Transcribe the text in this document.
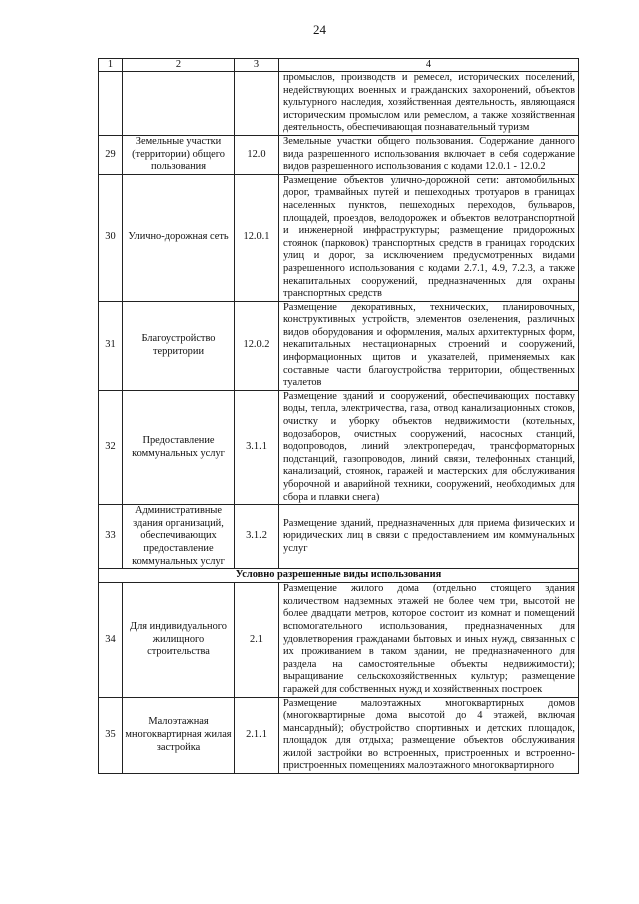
24
1	2	3	4
			промыслов, производств и ремесел, исторических поселений, недействующих военных и гражданских захоронений, объектов культурного наследия, хозяйственная деятельность, являющаяся историческим промыслом или ремеслом, а также хозяйственная деятельность, обеспечивающая познавательный туризм
29	Земельные участки (территории) общего пользования	12.0	Земельные участки общего пользования. Содержание данного вида разрешенного использования включает в себя содержание видов разрешенного использования с кодами 12.0.1 - 12.0.2
30	Улично-дорожная сеть	12.0.1	Размещение объектов улично-дорожной сети: автомобильных дорог, трамвайных путей и пешеходных тротуаров в границах населенных пунктов, пешеходных переходов, бульваров, площадей, проездов, велодорожек и объектов велотранспортной и инженерной инфраструктуры; размещение придорожных стоянок (парковок) транспортных средств в границах городских улиц и дорог, за исключением предусмотренных видами разрешенного использования с кодами 2.7.1, 4.9, 7.2.3, а также некапитальных сооружений, предназначенных для охраны транспортных средств
31	Благоустройство территории	12.0.2	Размещение декоративных, технических, планировочных, конструктивных устройств, элементов озеленения, различных видов оборудования и оформления, малых архитектурных форм, некапитальных нестационарных строений и сооружений, информационных щитов и указателей, применяемых как составные части благоустройства территории, общественных туалетов
32	Предоставление коммунальных услуг	3.1.1	Размещение зданий и сооружений, обеспечивающих поставку воды, тепла, электричества, газа, отвод канализационных стоков, очистку и уборку объектов недвижимости (котельных, водозаборов, очистных сооружений, насосных станций, водопроводов, линий электропередач, трансформаторных подстанций, газопроводов, линий связи, телефонных станций, канализаций, стоянок, гаражей и мастерских для обслуживания уборочной и аварийной техники, сооружений, необходимых для сбора и плавки снега)
33	Административные здания организаций, обеспечивающих предоставление коммунальных услуг	3.1.2	Размещение зданий, предназначенных для приема физических и юридических лиц в связи с предоставлением им коммунальных услуг
Условно разрешенные виды использования			
34	Для индивидуального жилищного строительства	2.1	Размещение жилого дома (отдельно стоящего здания количеством надземных этажей не более чем три, высотой не более двадцати метров, которое состоит из комнат и помещений вспомогательного использования, предназначенных для удовлетворения гражданами бытовых и иных нужд, связанных с их проживанием в таком здании, не предназначенного для раздела на самостоятельные объекты недвижимости); выращивание сельскохозяйственных культур; размещение гаражей для собственных нужд и хозяйственных построек
35	Малоэтажная многоквартирная жилая застройка	2.1.1	Размещение малоэтажных многоквартирных домов (многоквартирные дома высотой до 4 этажей, включая мансардный); обустройство спортивных и детских площадок, площадок для отдыха; размещение объектов обслуживания жилой застройки во встроенных, пристроенных и встроенно-пристроенных помещениях малоэтажного многоквартирного
